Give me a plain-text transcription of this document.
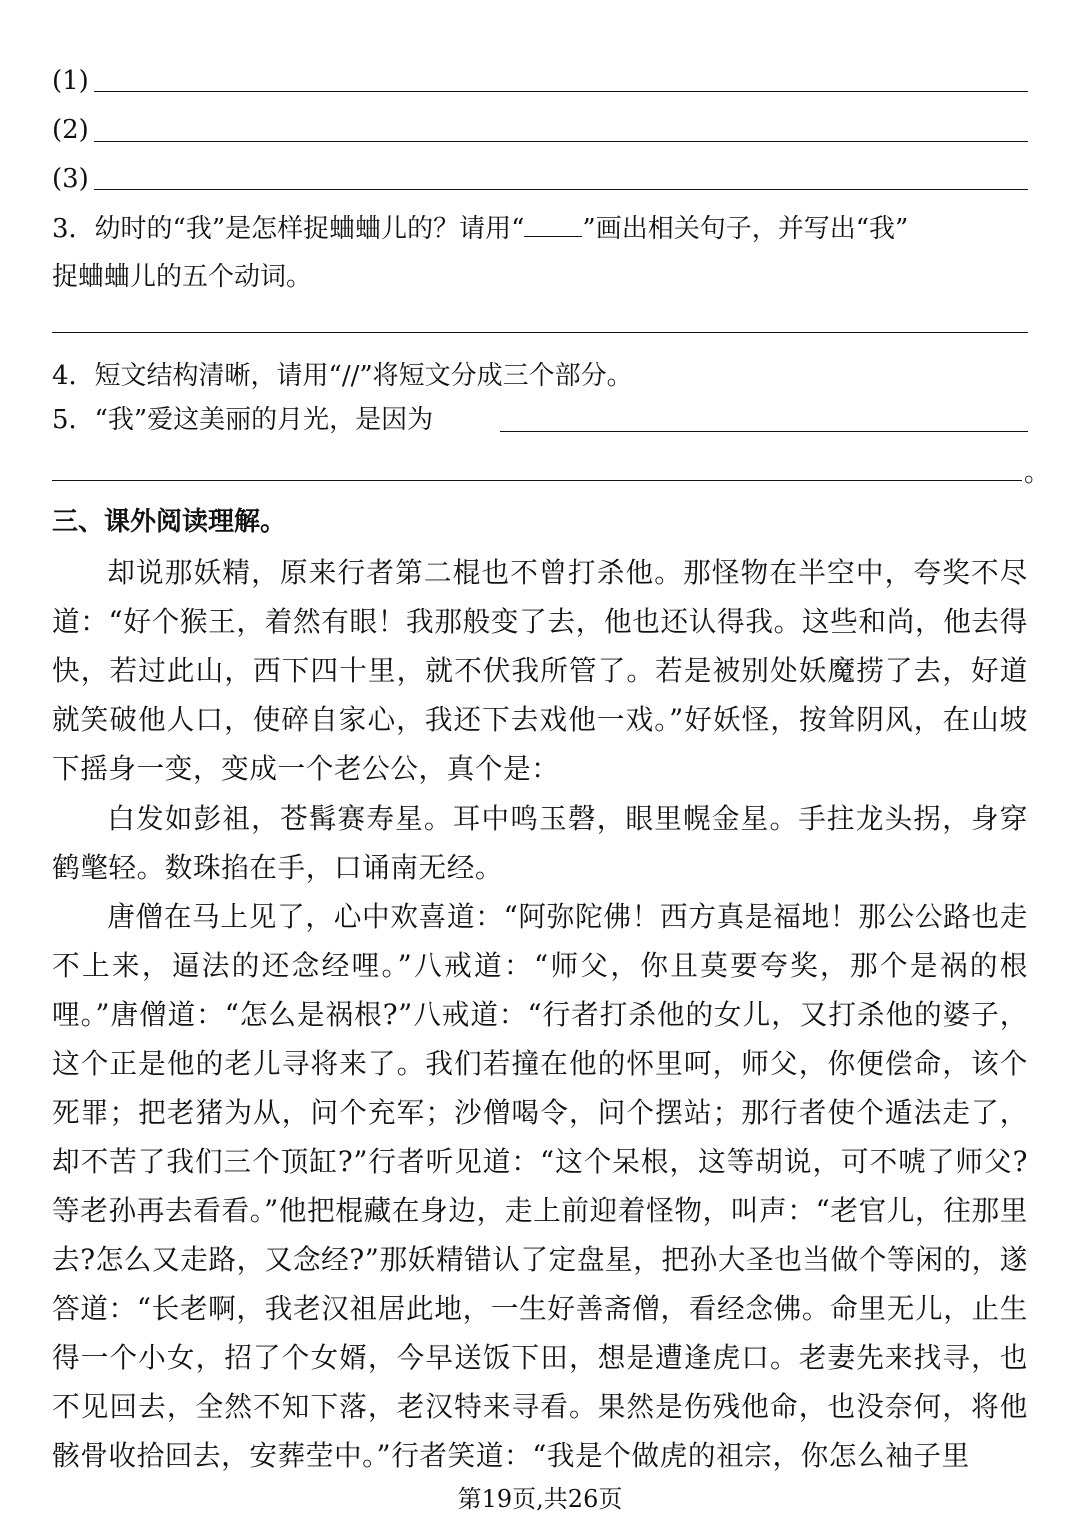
(1)
(2)
(3)
3．幼时的“我”是怎样捉蛐蛐儿的？请用“ ”画出相关句子，并写出“我”
捉蛐蛐儿的五个动词。
4．短文结构清晰，请用“//”将短文分成三个部分。
5．“我”爱这美丽的月光，是因为
。
三、课外阅读理解。

却说那妖精，原来行者第二棍也不曾打杀他。那怪物在半空中，夸奖不尽道：“好个猴王，着然有眼！我那般变了去，他也还认得我。这些和尚，他去得快，若过此山，西下四十里，就不伏我所管了。若是被别处妖魔捞了去，好道就笑破他人口，使碎自家心，我还下去戏他一戏。”好妖怪，按耸阴风，在山坡下摇身一变，变成一个老公公，真个是：

白发如彭祖，苍髯赛寿星。耳中鸣玉磬，眼里幌金星。手拄龙头拐，身穿鹤氅轻。数珠掐在手，口诵南无经。

唐僧在马上见了，心中欢喜道：“阿弥陀佛！西方真是福地！那公公路也走不上来，逼法的还念经哩。”八戒道：“师父，你且莫要夸奖，那个是祸的根哩。”唐僧道：“怎么是祸根?”八戒道：“行者打杀他的女儿，又打杀他的婆子，这个正是他的老儿寻将来了。我们若撞在他的怀里呵，师父，你便偿命，该个死罪；把老猪为从，问个充军；沙僧喝令，问个摆站；那行者使个遁法走了，却不苦了我们三个顶缸?”行者听见道：“这个呆根，这等胡说，可不唬了师父?等老孙再去看看。”他把棍藏在身边，走上前迎着怪物，叫声：“老官儿，往那里去?怎么又走路，又念经?”那妖精错认了定盘星，把孙大圣也当做个等闲的，遂答道：“长老啊，我老汉祖居此地，一生好善斋僧，看经念佛。命里无儿，止生得一个小女，招了个女婿，今早送饭下田，想是遭逢虎口。老妻先来找寻，也不见回去，全然不知下落，老汉特来寻看。果然是伤残他命，也没奈何，将他骸骨收拾回去，安葬茔中。”行者笑道：“我是个做虎的祖宗，你怎么袖子里

第19页,共26页
